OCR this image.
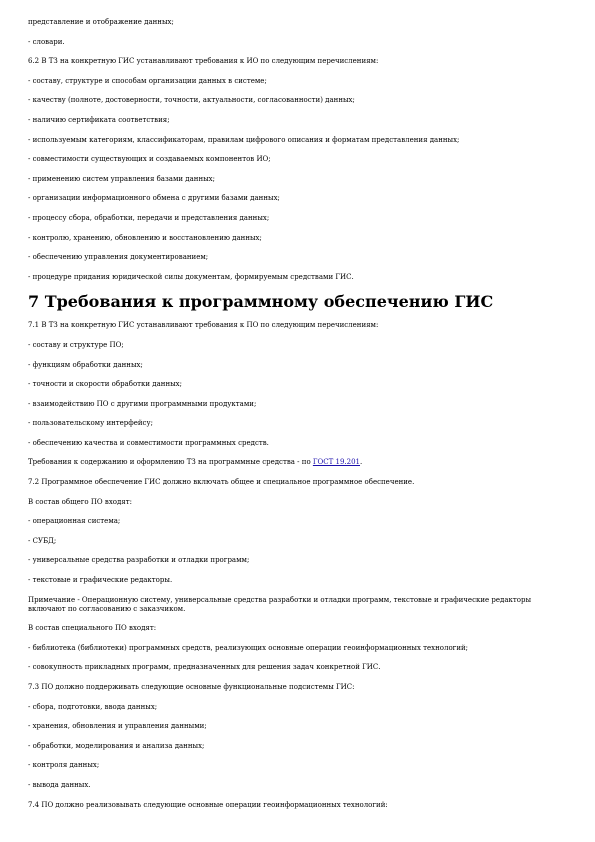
представление и отображение данных;
- словари.
6.2 В ТЗ на конкретную ГИС устанавливают требования к ИО по следующим перечислениям:
- составу, структуре и способам организации данных в системе;
- качеству (полноте, достоверности, точности, актуальности, согласованности) данных;
- наличию сертификата соответствия;
- используемым категориям, классификаторам, правилам цифрового описания и форматам представления данных;
- совместимости существующих и создаваемых компонентов ИО;
- применению систем управления базами данных;
- организации информационного обмена с другими базами данных;
- процессу сбора, обработки, передачи и представления данных;
- контролю, хранению, обновлению и восстановлению данных;
- обеспечению управления документированием;
- процедуре придания юридической силы документам, формируемым средствами ГИС.
7 Требования к программному обеспечению ГИС
7.1 В ТЗ на конкретную ГИС устанавливают требования к ПО по следующим перечислениям:
- составу и структуре ПО;
- функциям обработки данных;
- точности и скорости обработки данных;
- взаимодействию ПО с другими программными продуктами;
- пользовательскому интерфейсу;
- обеспечению качества и совместимости программных средств.
Требования к содержанию и оформлению ТЗ на программные средства - по ГОСТ 19.201.
7.2 Программное обеспечение ГИС должно включать общее и специальное программное обеспечение.
В состав общего ПО входят:
- операционная система;
- СУБД;
- универсальные средства разработки и отладки программ;
- текстовые и графические редакторы.
Примечание - Операционную систему, универсальные средства разработки и отладки программ, текстовые и графические редакторы включают по согласованию с заказчиком.
В состав специального ПО входят:
- библиотека (библиотеки) программных средств, реализующих основные операции геоинформационных технологий;
- совокупность прикладных программ, предназначенных для решения задач конкретной ГИС.
7.3 ПО должно поддерживать следующие основные функциональные подсистемы ГИС:
- сбора, подготовки, ввода данных;
- хранения, обновления и управления данными;
- обработки, моделирования и анализа данных;
- контроля данных;
- вывода данных.
7.4 ПО должно реализовывать следующие основные операции геоинформационных технологий:
